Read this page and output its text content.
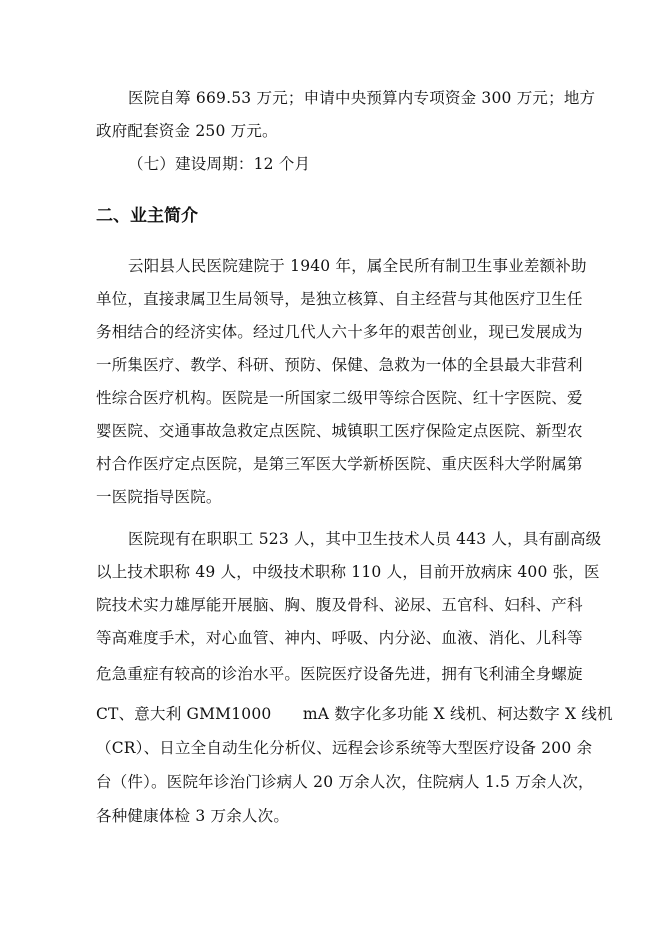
医院自筹 669.53 万元；申请中央预算内专项资金 300 万元；地方
政府配套资金 250 万元。
（七）建设周期：12 个月
二、业主简介
云阳县人民医院建院于 1940 年，属全民所有制卫生事业差额补助
单位，直接隶属卫生局领导，是独立核算、自主经营与其他医疗卫生任
务相结合的经济实体。经过几代人六十多年的艰苦创业，现已发展成为
一所集医疗、教学、科研、预防、保健、急救为一体的全县最大非营利
性综合医疗机构。医院是一所国家二级甲等综合医院、红十字医院、爱
婴医院、交通事故急救定点医院、城镇职工医疗保险定点医院、新型农
村合作医疗定点医院，是第三军医大学新桥医院、重庆医科大学附属第
一医院指导医院。
医院现有在职职工 523 人，其中卫生技术人员 443 人，具有副高级
以上技术职称 49 人，中级技术职称 110 人，目前开放病床 400 张，医
院技术实力雄厚能开展脑、胸、腹及骨科、泌尿、五官科、妇科、产科
等高难度手术，对心血管、神内、呼吸、内分泌、血液、消化、儿科等
危急重症有较高的诊治水平。医院医疗设备先进，拥有飞利浦全身螺旋
CT、意大利 GMM1000　　mA 数字化多功能 X 线机、柯达数字 X 线机
（CR）、日立全自动生化分析仪、远程会诊系统等大型医疗设备 200 余
台（件）。医院年诊治门诊病人 20 万余人次，住院病人 1.5 万余人次，
各种健康体检 3 万余人次。
